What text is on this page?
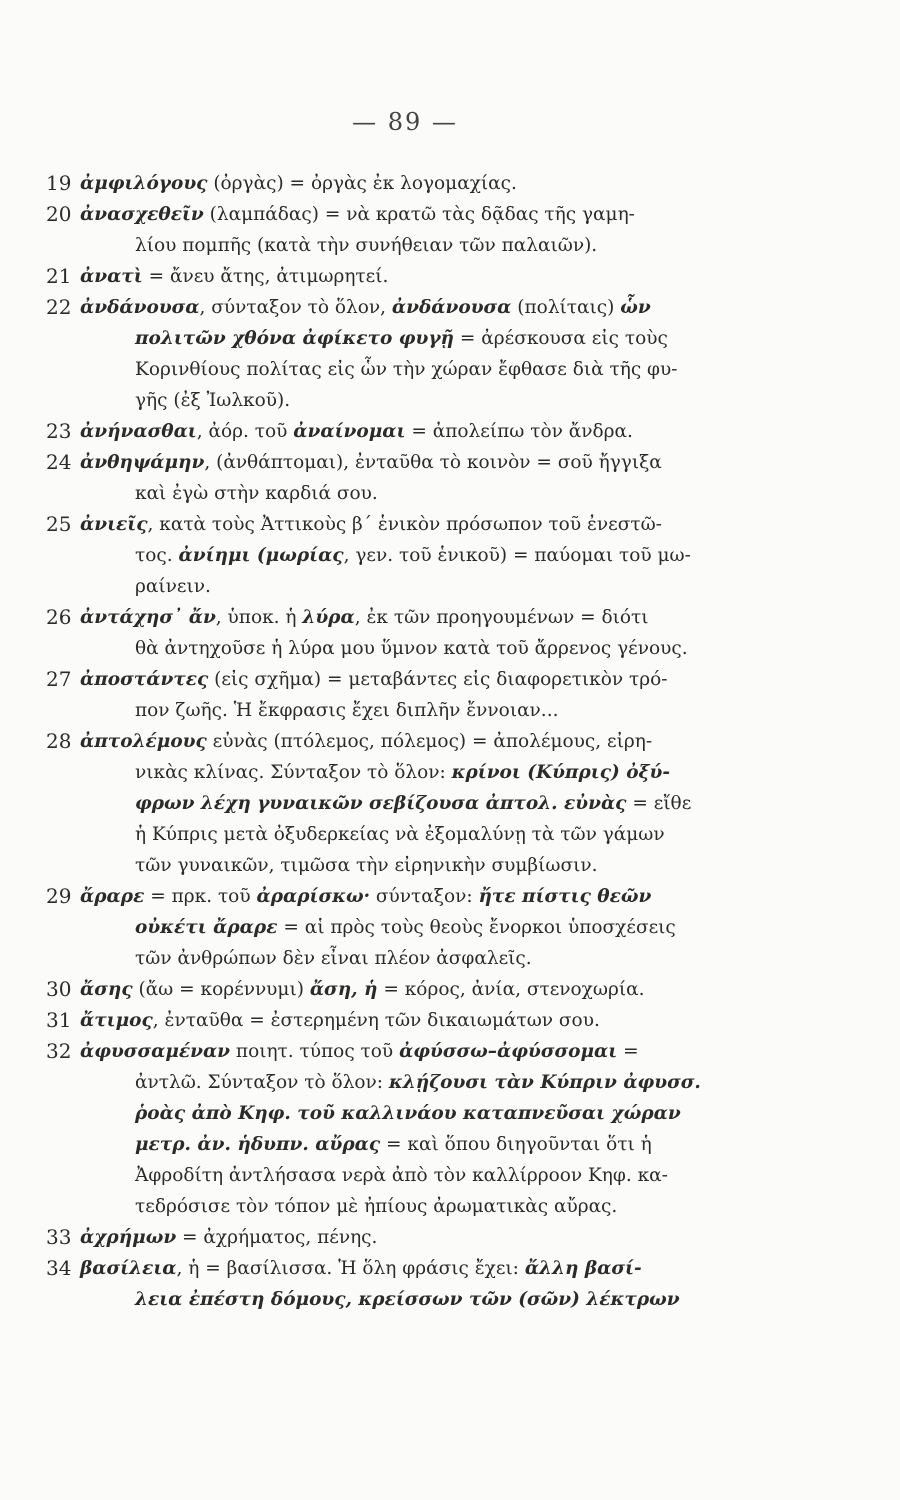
— 89 —
19 ἀμφιλόγους (ὀργὰς) = ὀργὰς ἐκ λογομαχίας.
20 ἀνασχεθεῖν (λαμπάδας) = νὰ κρατῶ τὰς δᾷδας τῆς γαμη-
λίου πομπῆς (κατὰ τὴν συνήθειαν τῶν παλαιῶν).
21 ἀνατὶ = ἄνευ ἄτης, ἀτιμωρητεί.
22 ἀνδάνουσα, σύνταξον τὸ ὅλον, ἀνδάνουσα (πολίταις) ὧν
πολιτῶν χθόνα ἀφίκετο φυγῇ = ἀρέσκουσα εἰς τοὺς
Κορινθίους πολίτας εἰς ὧν τὴν χώραν ἔφθασε διὰ τῆς φυ-
γῆς (ἐξ Ἰωλκοῦ).
23 ἀνήνασθαι, ἀόρ. τοῦ ἀναίνομαι = ἀπολείπω τὸν ἄνδρα.
24 ἀνθηψάμην, (ἀνθάπτομαι), ἐνταῦθα τὸ κοινὸν = σοῦ ἤγγιξα
καὶ ἐγὼ στὴν καρδιά σου.
25 ἀνιεῖς, κατὰ τοὺς Ἀττικοὺς β´ ἑνικὸν πρόσωπον τοῦ ἐνεστῶ-
τος. ἀνίημι (μωρίας, γεν. τοῦ ἑνικοῦ) = παύομαι τοῦ μω-
ραίνειν.
26 ἀντάχησ᾽ ἄν, ὑποκ. ἡ λύρα, ἐκ τῶν προηγουμένων = διότι
θὰ ἀντηχοῦσε ἡ λύρα μου ὕμνον κατὰ τοῦ ἄρρενος γένους.
27 ἀποστάντες (εἰς σχῆμα) = μεταβάντες εἰς διαφορετικὸν τρό-
πον ζωῆς. Ἡ ἔκφρασις ἔχει διπλῆν ἔννοιαν...
28 ἀπτολέμους εὐνὰς (πτόλεμος, πόλεμος) = ἀπολέμους, εἰρη-
νικὰς κλίνας. Σύνταξον τὸ ὅλον: κρίνοι (Κύπρις) ὀξύ-
φρων λέχη γυναικῶν σεβίζουσα ἀπτολ. εὐνὰς = εἴθε
ἡ Κύπρις μετὰ ὀξυδερκείας νὰ ἐξομαλύνῃ τὰ τῶν γάμων
τῶν γυναικῶν, τιμῶσα τὴν εἰρηνικὴν συμβίωσιν.
29 ἄραρε = πρκ. τοῦ ἀραρίσκω· σύνταξον: ἤτε πίστις θεῶν
οὐκέτι ἄραρε = αἱ πρὸς τοὺς θεοὺς ἔνορκοι ὑποσχέσεις
τῶν ἀνθρώπων δὲν εἶναι πλέον ἀσφαλεῖς.
30 ἄσης (ἄω = κορέννυμι) ἄση, ἡ = κόρος, ἀνία, στενοχωρία.
31 ἄτιμος, ἐνταῦθα = ἐστερημένη τῶν δικαιωμάτων σου.
32 ἀφυσσαμέναν ποιητ. τύπος τοῦ ἀφύσσω–ἀφύσσομαι =
ἀντλῶ. Σύνταξον τὸ ὅλον: κλῄζουσι τὰν Κύπριν ἀφυσσ.
ῥοὰς ἀπὸ Κηφ. τοῦ καλλινάου καταπνεῦσαι χώραν
μετρ. ἀν. ἡδυπν. αὔρας = καὶ ὅπου διηγοῦνται ὅτι ἡ
Ἀφροδίτη ἀντλήσασα νερὰ ἀπὸ τὸν καλλίρροον Κηφ. κα-
τεδρόσισε τὸν τόπον μὲ ἠπίους ἀρωματικὰς αὔρας.
33 ἀχρήμων = ἀχρήματος, πένης.
34 βασίλεια, ἡ = βασίλισσα. Ἡ ὅλη φράσις ἔχει: ἄλλη βασί-
λεια ἐπέστη δόμους, κρείσσων τῶν (σῶν) λέκτρων
